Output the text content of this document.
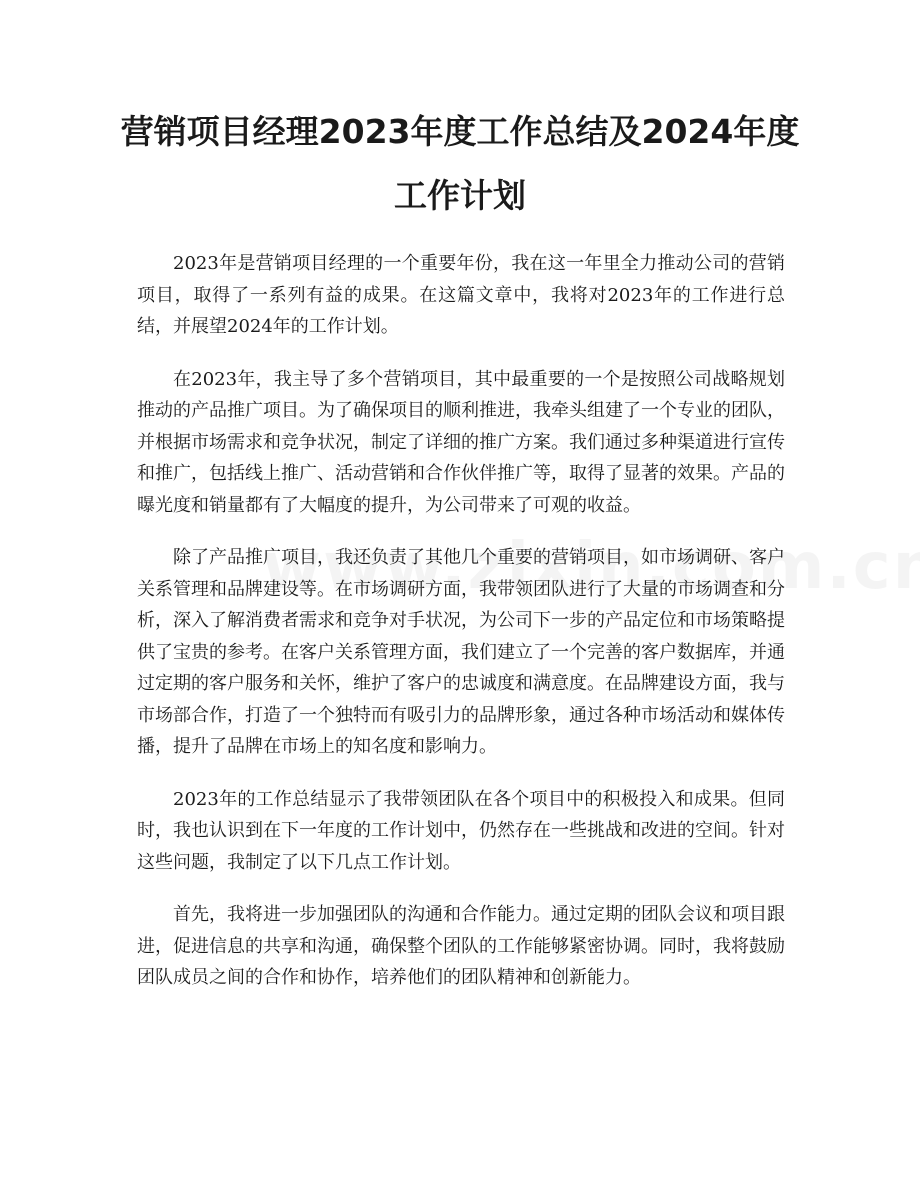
营销项目经理2023年度工作总结及2024年度工作计划

2023年是营销项目经理的一个重要年份，我在这一年里全力推动公司的营销项目，取得了一系列有益的成果。在这篇文章中，我将对2023年的工作进行总结，并展望2024年的工作计划。

在2023年，我主导了多个营销项目，其中最重要的一个是按照公司战略规划推动的产品推广项目。为了确保项目的顺利推进，我牵头组建了一个专业的团队，并根据市场需求和竞争状况，制定了详细的推广方案。我们通过多种渠道进行宣传和推广，包括线上推广、活动营销和合作伙伴推广等，取得了显著的效果。产品的曝光度和销量都有了大幅度的提升，为公司带来了可观的收益。

除了产品推广项目，我还负责了其他几个重要的营销项目，如市场调研、客户关系管理和品牌建设等。在市场调研方面，我带领团队进行了大量的市场调查和分析，深入了解消费者需求和竞争对手状况，为公司下一步的产品定位和市场策略提供了宝贵的参考。在客户关系管理方面，我们建立了一个完善的客户数据库，并通过定期的客户服务和关怀，维护了客户的忠诚度和满意度。在品牌建设方面，我与市场部合作，打造了一个独特而有吸引力的品牌形象，通过各种市场活动和媒体传播，提升了品牌在市场上的知名度和影响力。

2023年的工作总结显示了我带领团队在各个项目中的积极投入和成果。但同时，我也认识到在下一年度的工作计划中，仍然存在一些挑战和改进的空间。针对这些问题，我制定了以下几点工作计划。

首先，我将进一步加强团队的沟通和合作能力。通过定期的团队会议和项目跟进，促进信息的共享和沟通，确保整个团队的工作能够紧密协调。同时，我将鼓励团队成员之间的合作和协作，培养他们的团队精神和创新能力。
